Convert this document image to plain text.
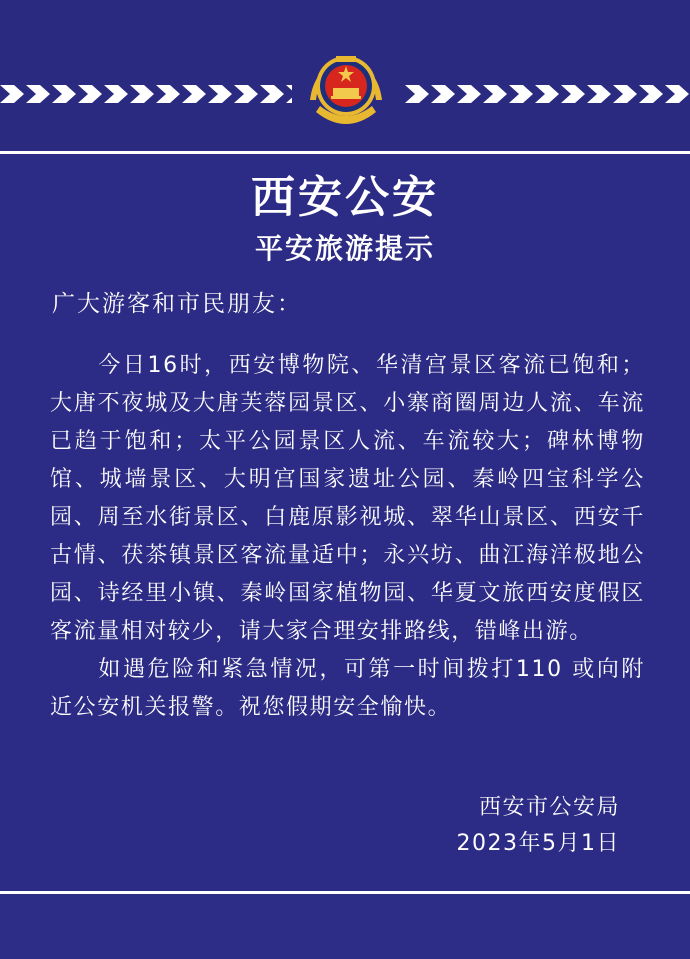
西安公安
平安旅游提示
广大游客和市民朋友：

今日16时，西安博物院、华清宫景区客流已饱和；大唐不夜城及大唐芙蓉园景区、小寨商圈周边人流、车流已趋于饱和；太平公园景区人流、车流较大；碑林博物馆、城墙景区、大明宫国家遗址公园、秦岭四宝科学公园、周至水街景区、白鹿原影视城、翠华山景区、西安千古情、茯茶镇景区客流量适中；永兴坊、曲江海洋极地公园、诗经里小镇、秦岭国家植物园、华夏文旅西安度假区客流量相对较少，请大家合理安排路线，错峰出游。

如遇危险和紧急情况，可第一时间拨打110 或向附近公安机关报警。祝您假期安全愉快。

西安市公安局
2023年5月1日
